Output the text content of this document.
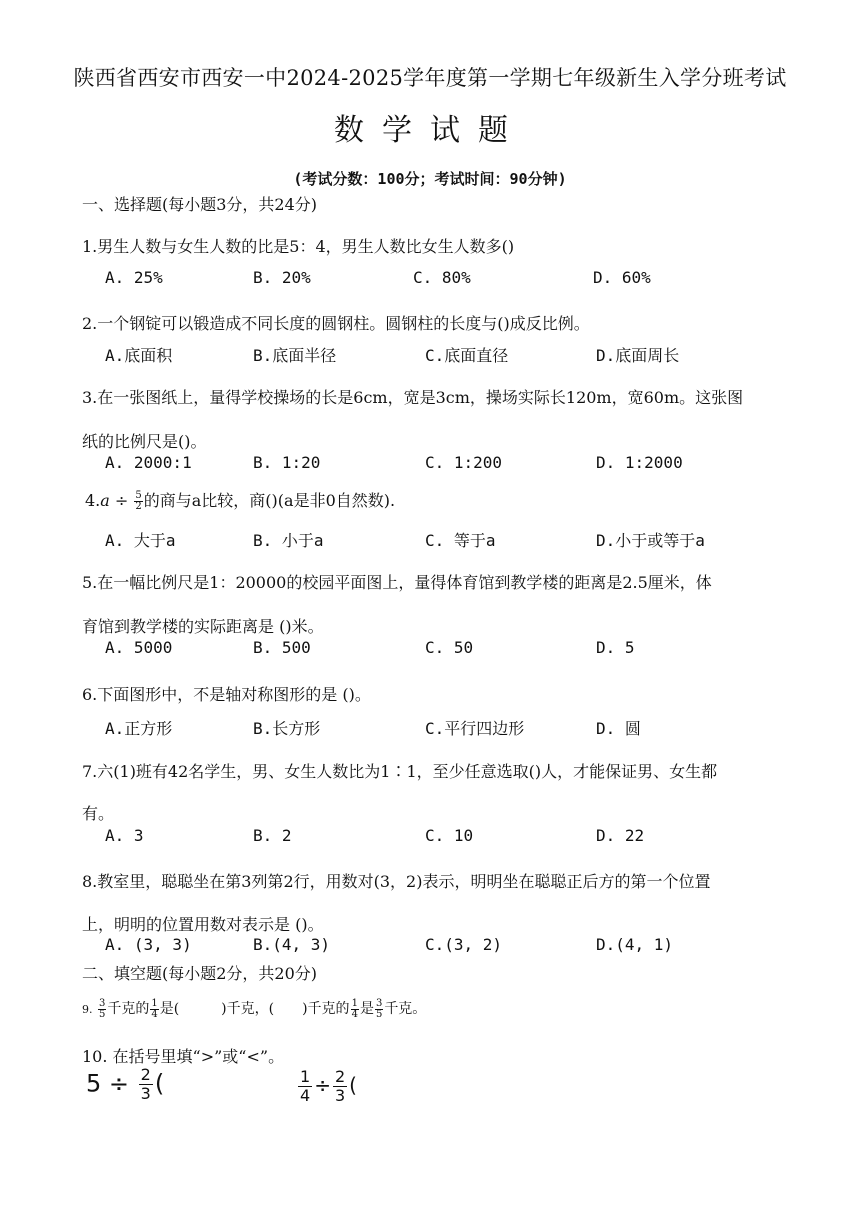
陕西省西安市西安一中2024-2025学年度第一学期七年级新生入学分班考试
数学试题
(考试分数：100分；考试时间：90分钟)
一、选择题(每小题3分，共24分)
1.男生人数与女生人数的比是5：4，男生人数比女生人数多()
A. 25%	B. 20%	C. 80%	D. 60%
2.一个钢锭可以锻造成不同长度的圆钢柱。圆钢柱的长度与()成反比例。
A.底面积	B.底面半径	C.底面直径	D.底面周长
3.在一张图纸上，量得学校操场的长是6cm，宽是3cm，操场实际长120m，宽60m。这张图
纸的比例尺是()。
A. 2000:1	B. 1:20	C. 1:200	D. 1:2000
$4.a \div \frac{5}{2}$ 的商与a比较，商()(a是非0自然数).
A. 大于a	B. 小于a	C. 等于a	D.小于或等于a
5.在一幅比例尺是1：20000的校园平面图上，量得体育馆到教学楼的距离是2.5厘米，体
育馆到教学楼的实际距离是 ()米。
A. 5000	B. 500	C. 50	D. 5
6.下面图形中，不是轴对称图形的是 ()。
A.正方形	B.长方形	C.平行四边形	D. 圆
7.六(1)班有42名学生，男、女生人数比为1∶1，至少任意选取()人，才能保证男、女生都
有。
A. 3	B. 2	C. 10	D. 22
8.教室里，聪聪坐在第3列第2行，用数对(3，2)表示，明明坐在聪聪正后方的第一个位置
上，明明的位置用数对表示是 ()。
A. (3, 3)	B.(4, 3)	C.(3, 2)	D.(4, 1)
二、填空题(每小题2分，共20分)
9. $\frac{3}{5}$ 千克的 $\frac{1}{4}$ 是(　　　)千克，(　　)千克的 $\frac{1}{4}$ 是 $\frac{3}{5}$ 千克。
10. 在括号里填“>”或“<”。
$5 \div \frac{2}{3}$ (	$\frac{1}{4} \div \frac{2}{3}$ (
